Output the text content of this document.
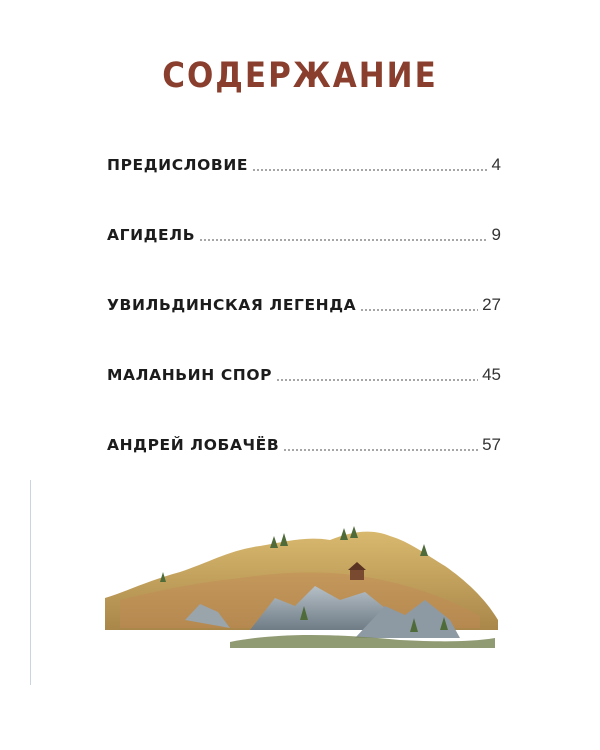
СОДЕРЖАНИЕ
ПРЕДИСЛОВИЕ	4
АГИДЕЛЬ	9
УВИЛЬДИНСКАЯ ЛЕГЕНДА	27
МАЛАНЬИН СПОР	45
АНДРЕЙ ЛОБАЧЁВ	57
